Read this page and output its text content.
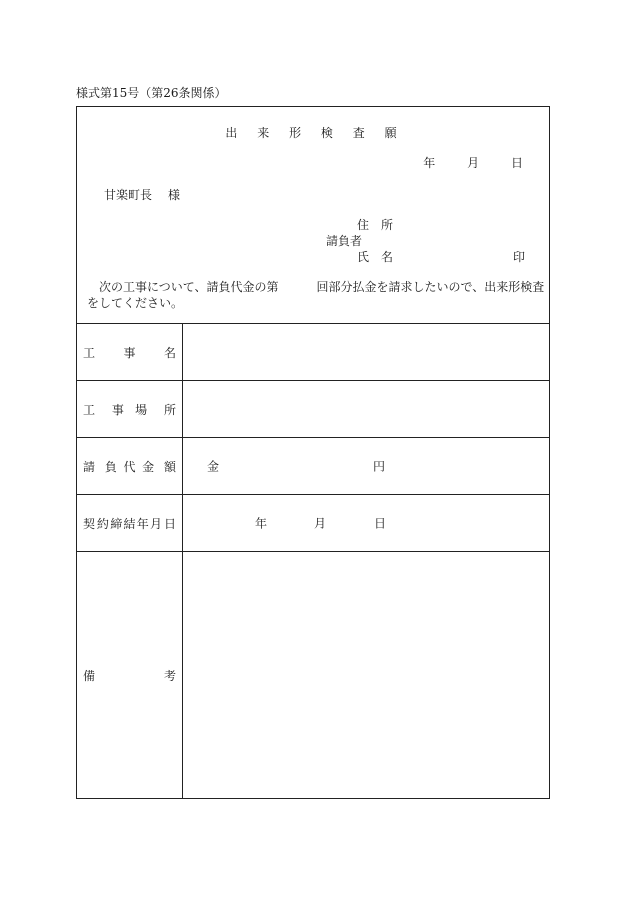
様式第15号（第26条関係）
出 来 形 検 査 願
年	月	日
甘楽町長 様
住　所
請負者
氏　名	印
次の工事について、請負代金の第	回部分払金を請求したいので、出来形検査をしてください。
工	事	名
工	事 場	所
請 負 代 金 額	金	円
契 約 締 結 年 月 日	年	月	日
備	考
